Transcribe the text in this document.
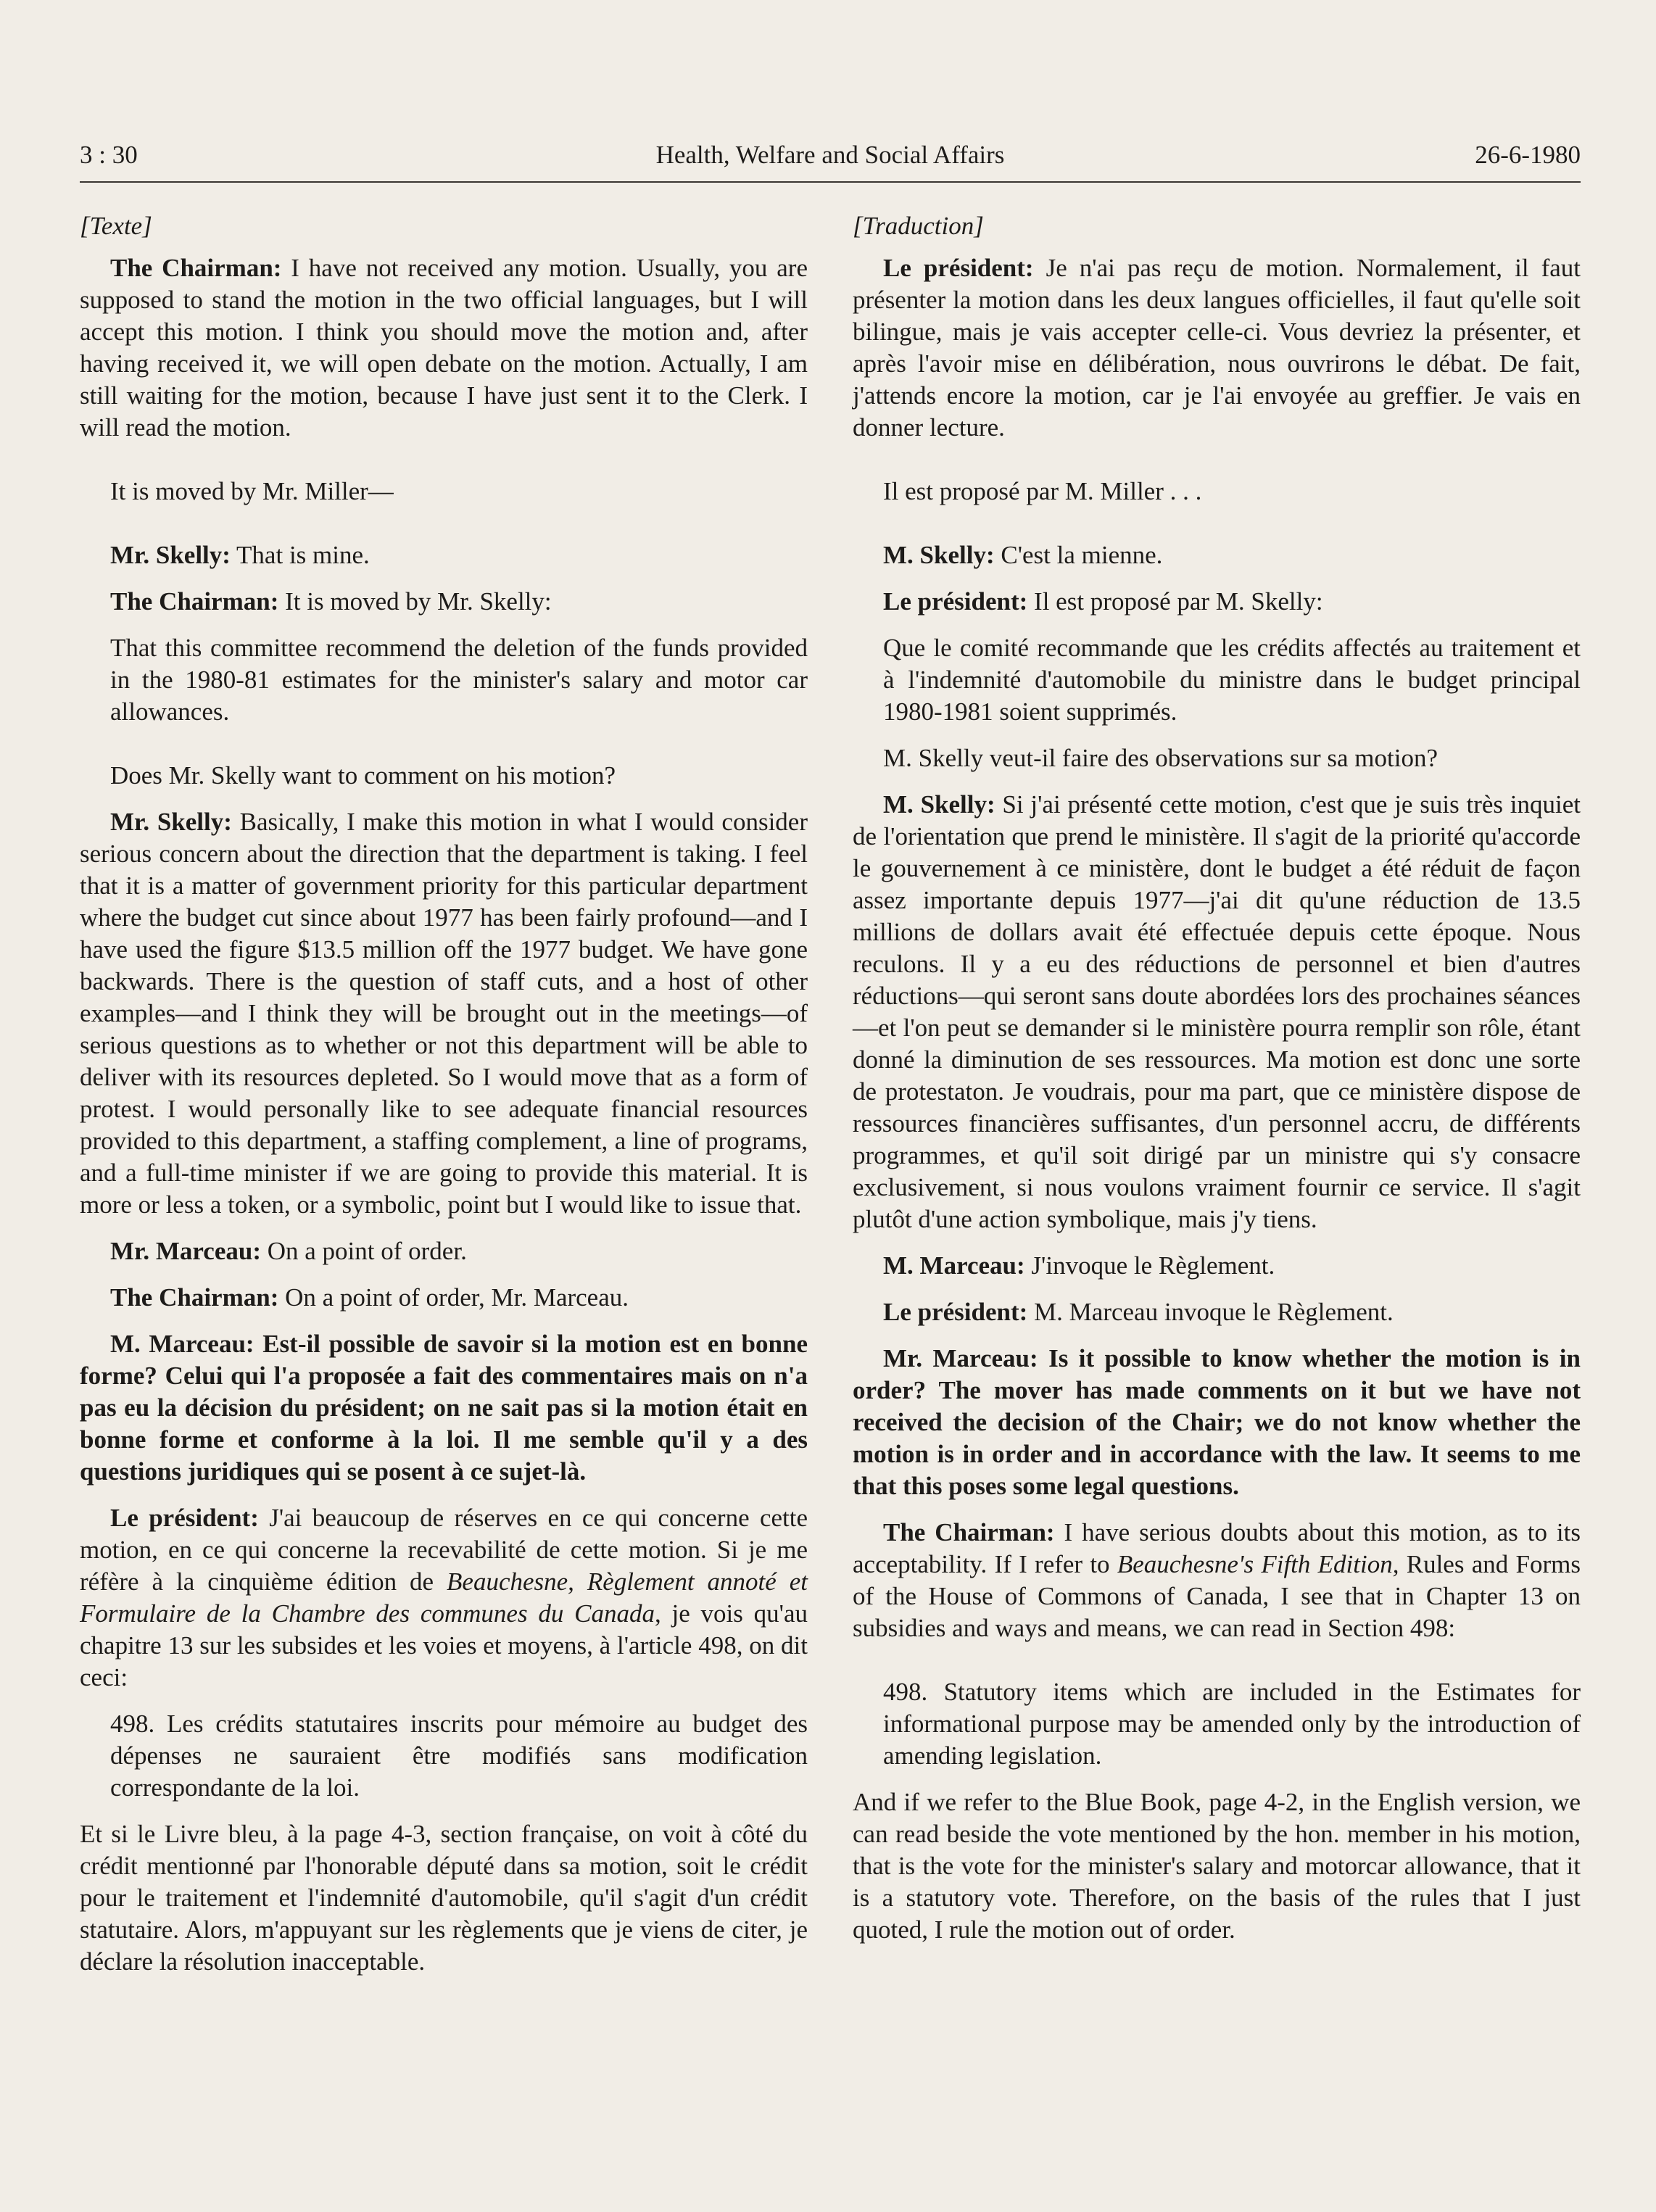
3 : 30	Health, Welfare and Social Affairs	26-6-1980

[Texte]

The Chairman: I have not received any motion. Usually, you are supposed to stand the motion in the two official languages, but I will accept this motion. I think you should move the motion and, after having received it, we will open debate on the motion. Actually, I am still waiting for the motion, because I have just sent it to the Clerk. I will read the motion.

It is moved by Mr. Miller—

Mr. Skelly: That is mine.

The Chairman: It is moved by Mr. Skelly:

That this committee recommend the deletion of the funds provided in the 1980-81 estimates for the minister's salary and motor car allowances.

Does Mr. Skelly want to comment on his motion?

Mr. Skelly: Basically, I make this motion in what I would consider serious concern about the direction that the department is taking. I feel that it is a matter of government priority for this particular department where the budget cut since about 1977 has been fairly profound—and I have used the figure $13.5 million off the 1977 budget. We have gone backwards. There is the question of staff cuts, and a host of other examples—and I think they will be brought out in the meetings—of serious questions as to whether or not this department will be able to deliver with its resources depleted. So I would move that as a form of protest. I would personally like to see adequate financial resources provided to this department, a staffing complement, a line of programs, and a full-time minister if we are going to provide this material. It is more or less a token, or a symbolic, point but I would like to issue that.

Mr. Marceau: On a point of order.

The Chairman: On a point of order, Mr. Marceau.

M. Marceau: Est-il possible de savoir si la motion est en bonne forme? Celui qui l'a proposée a fait des commentaires mais on n'a pas eu la décision du président; on ne sait pas si la motion était en bonne forme et conforme à la loi. Il me semble qu'il y a des questions juridiques qui se posent à ce sujet-là.

Le président: J'ai beaucoup de réserves en ce qui concerne cette motion, en ce qui concerne la recevabilité de cette motion. Si je me réfère à la cinquième édition de Beauchesne, Règlement annoté et Formulaire de la Chambre des communes du Canada, je vois qu'au chapitre 13 sur les subsides et les voies et moyens, à l'article 498, on dit ceci:

498. Les crédits statutaires inscrits pour mémoire au budget des dépenses ne sauraient être modifiés sans modification correspondante de la loi.

Et si le Livre bleu, à la page 4-3, section française, on voit à côté du crédit mentionné par l'honorable député dans sa motion, soit le crédit pour le traitement et l'indemnité d'automobile, qu'il s'agit d'un crédit statutaire. Alors, m'appuyant sur les règlements que je viens de citer, je déclare la résolution inacceptable.

[Traduction]

Le président: Je n'ai pas reçu de motion. Normalement, il faut présenter la motion dans les deux langues officielles, il faut qu'elle soit bilingue, mais je vais accepter celle-ci. Vous devriez la présenter, et après l'avoir mise en délibération, nous ouvrirons le débat. De fait, j'attends encore la motion, car je l'ai envoyée au greffier. Je vais en donner lecture.

Il est proposé par M. Miller . . .

M. Skelly: C'est la mienne.

Le président: Il est proposé par M. Skelly:

Que le comité recommande que les crédits affectés au traitement et à l'indemnité d'automobile du ministre dans le budget principal 1980-1981 soient supprimés.

M. Skelly veut-il faire des observations sur sa motion?

M. Skelly: Si j'ai présenté cette motion, c'est que je suis très inquiet de l'orientation que prend le ministère. Il s'agit de la priorité qu'accorde le gouvernement à ce ministère, dont le budget a été réduit de façon assez importante depuis 1977—j'ai dit qu'une réduction de 13.5 millions de dollars avait été effectuée depuis cette époque. Nous reculons. Il y a eu des réductions de personnel et bien d'autres réductions—qui seront sans doute abordées lors des prochaines séances—et l'on peut se demander si le ministère pourra remplir son rôle, étant donné la diminution de ses ressources. Ma motion est donc une sorte de protestaton. Je voudrais, pour ma part, que ce ministère dispose de ressources financières suffisantes, d'un personnel accru, de différents programmes, et qu'il soit dirigé par un ministre qui s'y consacre exclusivement, si nous voulons vraiment fournir ce service. Il s'agit plutôt d'une action symbolique, mais j'y tiens.

M. Marceau: J'invoque le Règlement.

Le président: M. Marceau invoque le Règlement.

Mr. Marceau: Is it possible to know whether the motion is in order? The mover has made comments on it but we have not received the decision of the Chair; we do not know whether the motion is in order and in accordance with the law. It seems to me that this poses some legal questions.

The Chairman: I have serious doubts about this motion, as to its acceptability. If I refer to Beauchesne's Fifth Edition, Rules and Forms of the House of Commons of Canada, I see that in Chapter 13 on subsidies and ways and means, we can read in Section 498:

498. Statutory items which are included in the Estimates for informational purpose may be amended only by the introduction of amending legislation.

And if we refer to the Blue Book, page 4-2, in the English version, we can read beside the vote mentioned by the hon. member in his motion, that is the vote for the minister's salary and motorcar allowance, that it is a statutory vote. Therefore, on the basis of the rules that I just quoted, I rule the motion out of order.
